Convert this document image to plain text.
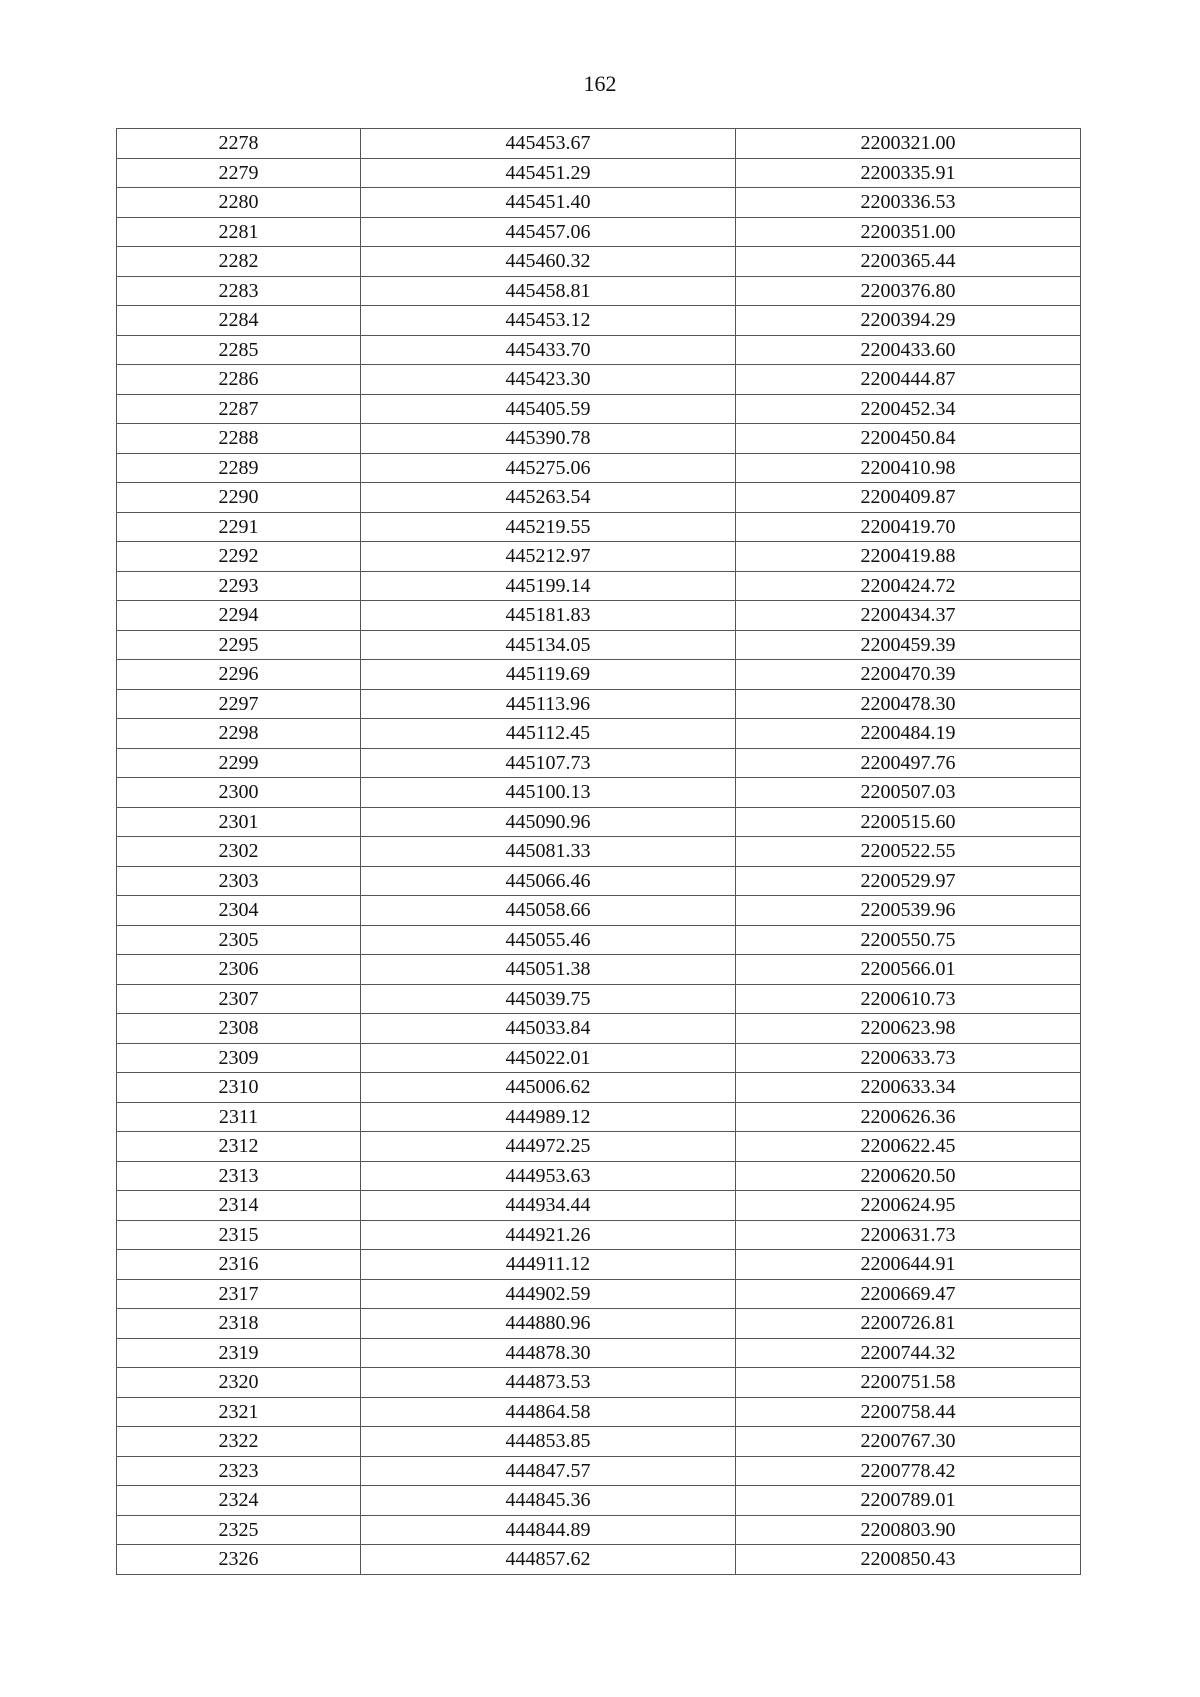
162
2278	445453.67	2200321.00
2279	445451.29	2200335.91
2280	445451.40	2200336.53
2281	445457.06	2200351.00
2282	445460.32	2200365.44
2283	445458.81	2200376.80
2284	445453.12	2200394.29
2285	445433.70	2200433.60
2286	445423.30	2200444.87
2287	445405.59	2200452.34
2288	445390.78	2200450.84
2289	445275.06	2200410.98
2290	445263.54	2200409.87
2291	445219.55	2200419.70
2292	445212.97	2200419.88
2293	445199.14	2200424.72
2294	445181.83	2200434.37
2295	445134.05	2200459.39
2296	445119.69	2200470.39
2297	445113.96	2200478.30
2298	445112.45	2200484.19
2299	445107.73	2200497.76
2300	445100.13	2200507.03
2301	445090.96	2200515.60
2302	445081.33	2200522.55
2303	445066.46	2200529.97
2304	445058.66	2200539.96
2305	445055.46	2200550.75
2306	445051.38	2200566.01
2307	445039.75	2200610.73
2308	445033.84	2200623.98
2309	445022.01	2200633.73
2310	445006.62	2200633.34
2311	444989.12	2200626.36
2312	444972.25	2200622.45
2313	444953.63	2200620.50
2314	444934.44	2200624.95
2315	444921.26	2200631.73
2316	444911.12	2200644.91
2317	444902.59	2200669.47
2318	444880.96	2200726.81
2319	444878.30	2200744.32
2320	444873.53	2200751.58
2321	444864.58	2200758.44
2322	444853.85	2200767.30
2323	444847.57	2200778.42
2324	444845.36	2200789.01
2325	444844.89	2200803.90
2326	444857.62	2200850.43
